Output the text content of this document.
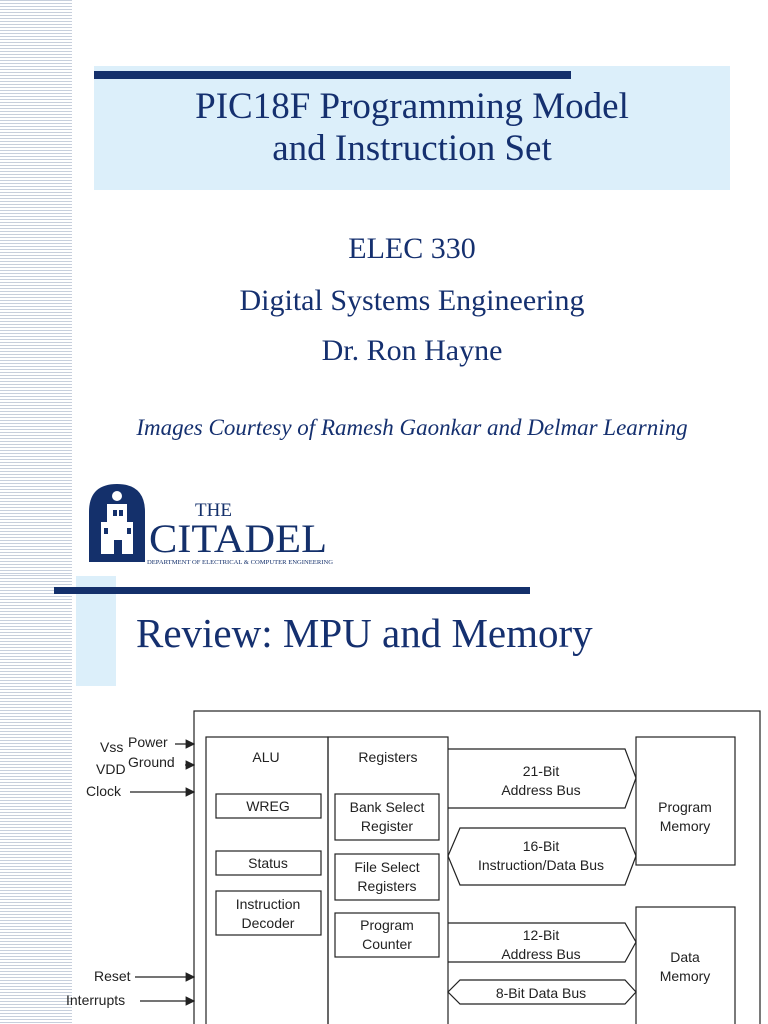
PIC18F Programming Model
and Instruction Set
ELEC 330
Digital Systems Engineering
Dr. Ron Hayne
Images Courtesy of Ramesh Gaonkar and Delmar Learning
THE
CITADEL
DEPARTMENT OF ELECTRICAL & COMPUTER ENGINEERING
Review: MPU and Memory
Vss
VDD
Power
Ground
Clock
Reset
Interrupts
ALU
WREG
Status
Instruction
Decoder
Registers
Bank Select
Register
File Select
Registers
Program
Counter
21-Bit
Address Bus
16-Bit
Instruction/Data Bus
12-Bit
Address Bus
8-Bit Data Bus
Program
Memory
Data
Memory
